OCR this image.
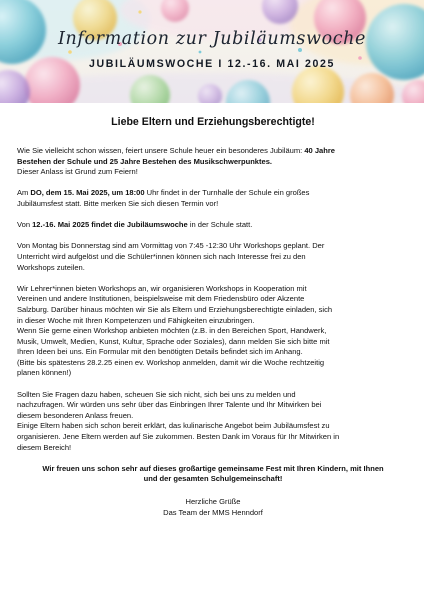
Information zur Jubiläumswoche
JUBILÄUMSWOCHE I 12.-16. MAI 2025
Liebe Eltern und Erziehungsberechtigte!
Wie Sie vielleicht schon wissen, feiert unsere Schule heuer ein besonderes Jubiläum: 40 Jahre
Bestehen der Schule und 25 Jahre Bestehen des Musikschwerpunktes.
Dieser Anlass ist Grund zum Feiern!
Am DO, dem 15. Mai 2025, um 18:00 Uhr findet in der Turnhalle der Schule ein großes
Jubiläumsfest statt. Bitte merken Sie sich diesen Termin vor!
Von 12.-16. Mai 2025 findet die Jubiläumswoche in der Schule statt.
Von Montag bis Donnerstag sind am Vormittag von 7:45 -12:30 Uhr Workshops geplant. Der
Unterricht wird aufgelöst und die Schüler*innen können sich nach Interesse frei zu den
Workshops zuteilen.
Wir Lehrer*innen bieten Workshops an, wir organisieren Workshops in Kooperation mit
Vereinen und andere Institutionen, beispielsweise mit dem Friedensbüro oder Akzente
Salzburg. Darüber hinaus möchten wir Sie als Eltern und Erziehungsberechtigte einladen, sich
in dieser Woche mit Ihren Kompetenzen und Fähigkeiten einzubringen.
Wenn Sie gerne einen Workshop anbieten möchten (z.B. in den Bereichen Sport, Handwerk,
Musik, Umwelt, Medien, Kunst, Kultur, Sprache oder Soziales), dann melden Sie sich bitte mit
Ihren Ideen bei uns. Ein Formular mit den benötigten Details befindet sich im Anhang.
(Bitte bis spätestens 28.2.25 einen ev. Workshop anmelden, damit wir die Woche rechtzeitig
planen können!)
Sollten Sie Fragen dazu haben, scheuen Sie sich nicht, sich bei uns zu melden und
nachzufragen. Wir würden uns sehr über das Einbringen Ihrer Talente und Ihr Mitwirken bei
diesem besonderen Anlass freuen.
Einige Eltern haben sich schon bereit erklärt, das kulinarische Angebot beim Jubiläumsfest zu
organisieren. Jene Eltern werden auf Sie zukommen. Besten Dank im Voraus für Ihr Mitwirken in
diesem Bereich!
Wir freuen uns schon sehr auf dieses großartige gemeinsame Fest mit Ihren Kindern, mit Ihnen
und der gesamten Schulgemeinschaft!
Herzliche Grüße
Das Team der MMS Henndorf
